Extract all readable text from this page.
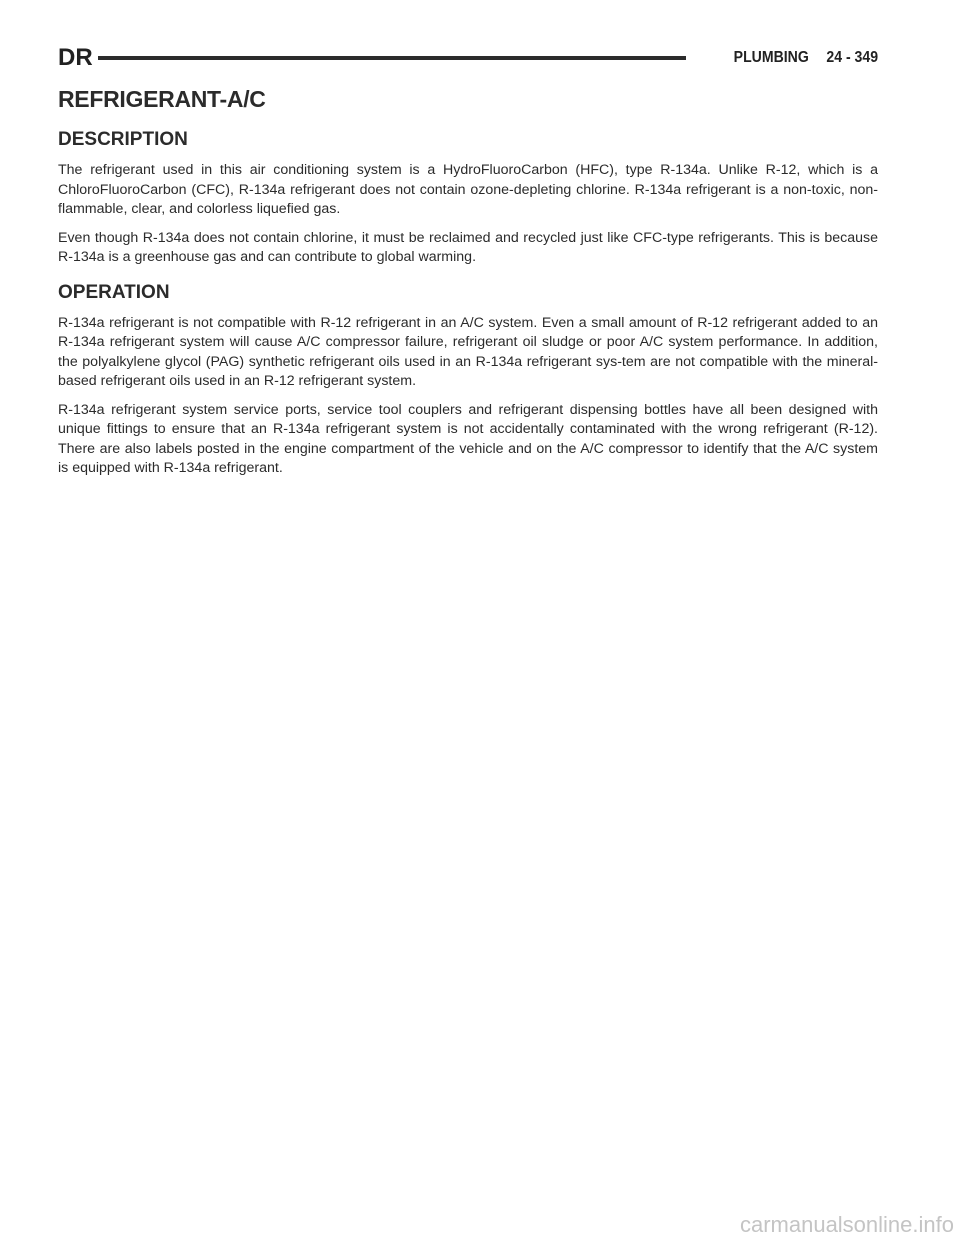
DR	PLUMBING 24 - 349
REFRIGERANT-A/C
DESCRIPTION

The refrigerant used in this air conditioning system is a HydroFluoroCarbon (HFC), type R-134a. Unlike R-12, which is a ChloroFluoroCarbon (CFC), R-134a refrigerant does not contain ozone-depleting chlorine. R-134a refrigerant is a non-toxic, non-flammable, clear, and colorless liquefied gas.

Even though R-134a does not contain chlorine, it must be reclaimed and recycled just like CFC-type refrigerants. This is because R-134a is a greenhouse gas and can contribute to global warming.

OPERATION

R-134a refrigerant is not compatible with R-12 refrigerant in an A/C system. Even a small amount of R-12 refrigerant added to an R-134a refrigerant system will cause A/C compressor failure, refrigerant oil sludge or poor A/C system performance. In addition, the polyalkylene glycol (PAG) synthetic refrigerant oils used in an R-134a refrigerant sys-tem are not compatible with the mineral-based refrigerant oils used in an R-12 refrigerant system.

R-134a refrigerant system service ports, service tool couplers and refrigerant dispensing bottles have all been designed with unique fittings to ensure that an R-134a refrigerant system is not accidentally contaminated with the wrong refrigerant (R-12). There are also labels posted in the engine compartment of the vehicle and on the A/C compressor to identify that the A/C system is equipped with R-134a refrigerant.

carmanualsonline.info
